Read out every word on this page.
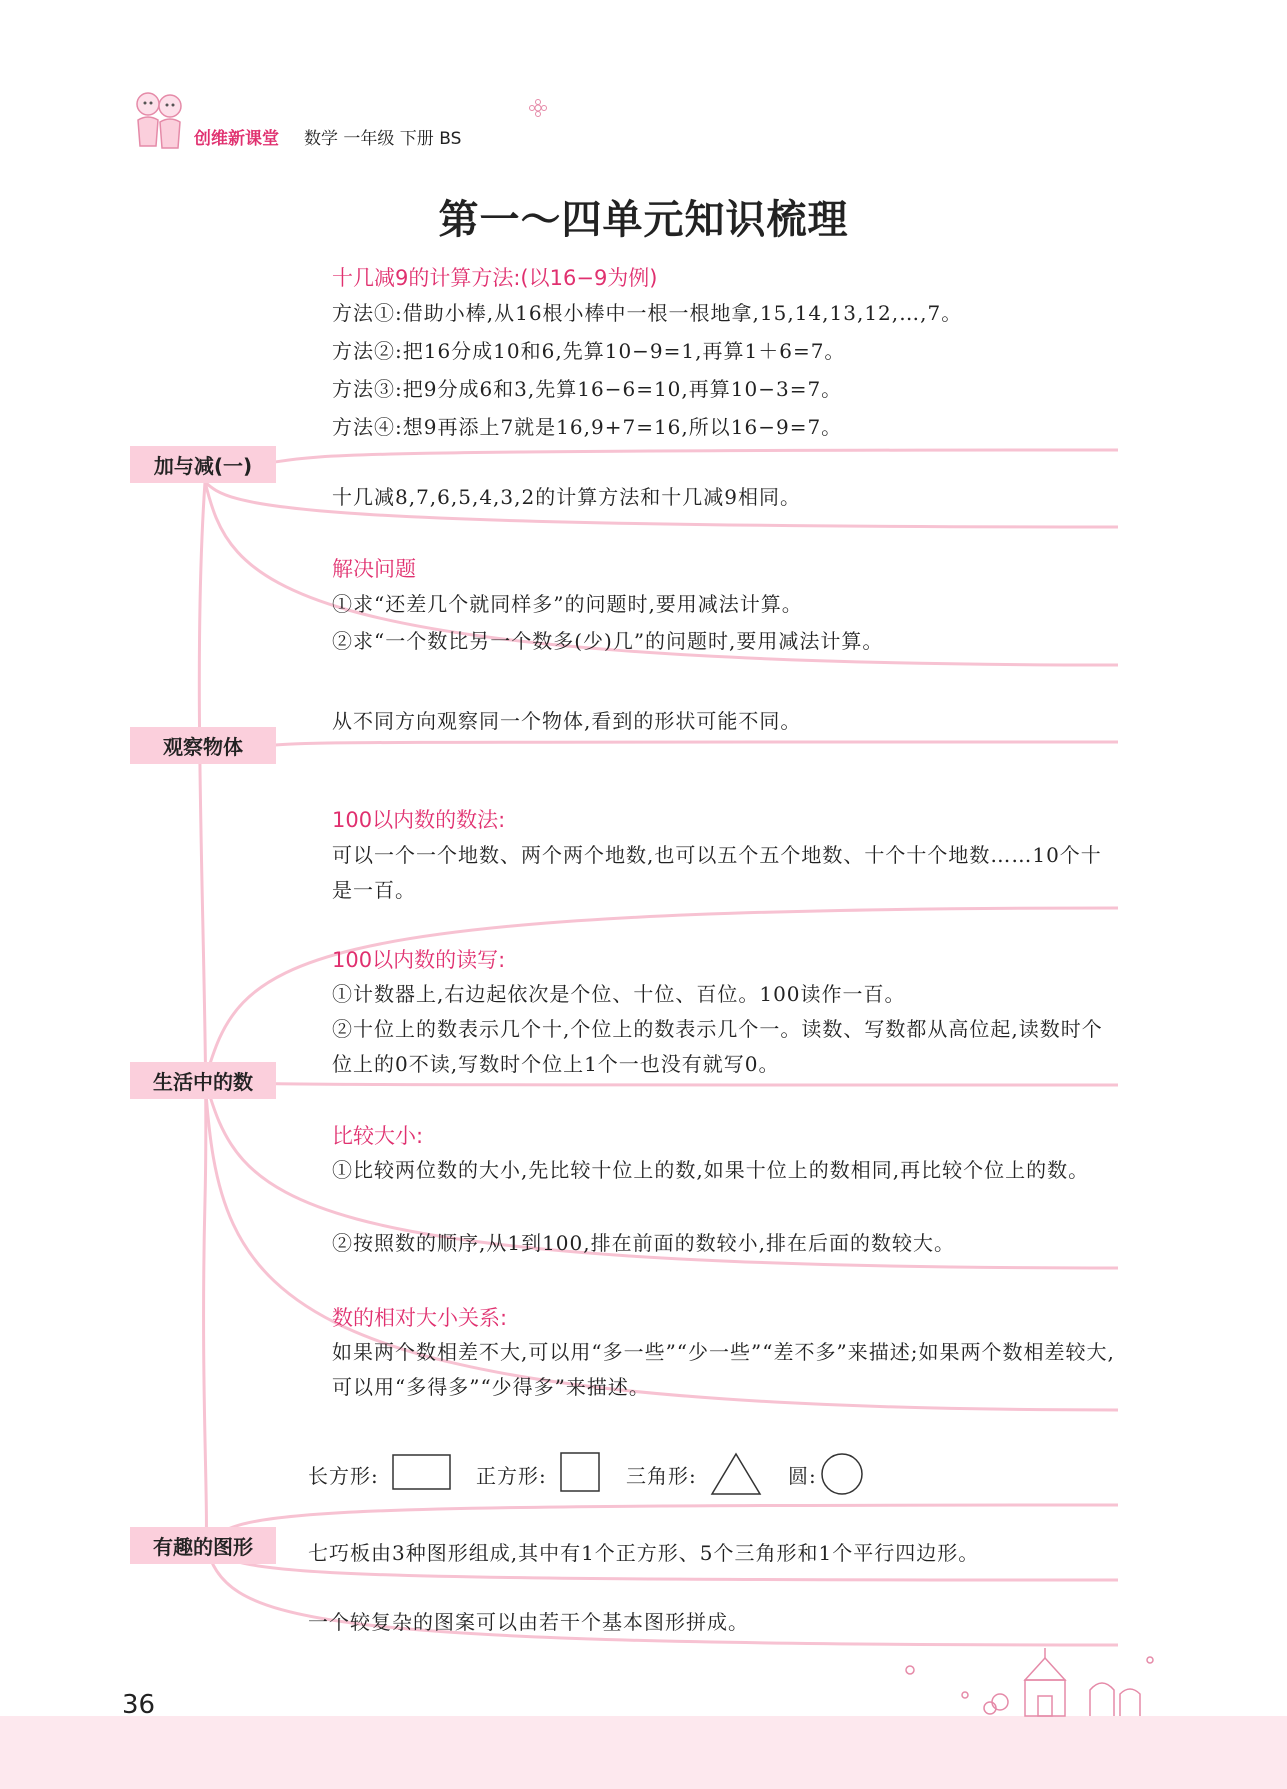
创维新课堂 数学 一年级 下册 BS
第一～四单元知识梳理
加与减(一)
观察物体
生活中的数
有趣的图形
十几减9的计算方法:(以16−9为例)
方法①:借助小棒,从16根小棒中一根一根地拿,15,14,13,12,…,7。
方法②:把16分成10和6,先算10−9=1,再算1＋6=7。
方法③:把9分成6和3,先算16−6=10,再算10−3=7。
方法④:想9再添上7就是16,9+7=16,所以16−9=7。
十几减8,7,6,5,4,3,2的计算方法和十几减9相同。
解决问题
①求“还差几个就同样多”的问题时,要用减法计算。
②求“一个数比另一个数多(少)几”的问题时,要用减法计算。
从不同方向观察同一个物体,看到的形状可能不同。
100以内数的数法:
可以一个一个地数、两个两个地数,也可以五个五个地数、十个十个地数……10个十是一百。
100以内数的读写:
①计数器上,右边起依次是个位、十位、百位。100读作一百。
②十位上的数表示几个十,个位上的数表示几个一。读数、写数都从高位起,读数时个位上的0不读,写数时个位上1个一也没有就写0。
比较大小:
①比较两位数的大小,先比较十位上的数,如果十位上的数相同,再比较个位上的数。
②按照数的顺序,从1到100,排在前面的数较小,排在后面的数较大。
数的相对大小关系:
如果两个数相差不大,可以用“多一些”“少一些”“差不多”来描述;如果两个数相差较大,可以用“多得多”“少得多”来描述。
长方形:	正方形:	三角形:	圆:
七巧板由3种图形组成,其中有1个正方形、5个三角形和1个平行四边形。
一个较复杂的图案可以由若干个基本图形拼成。
36
